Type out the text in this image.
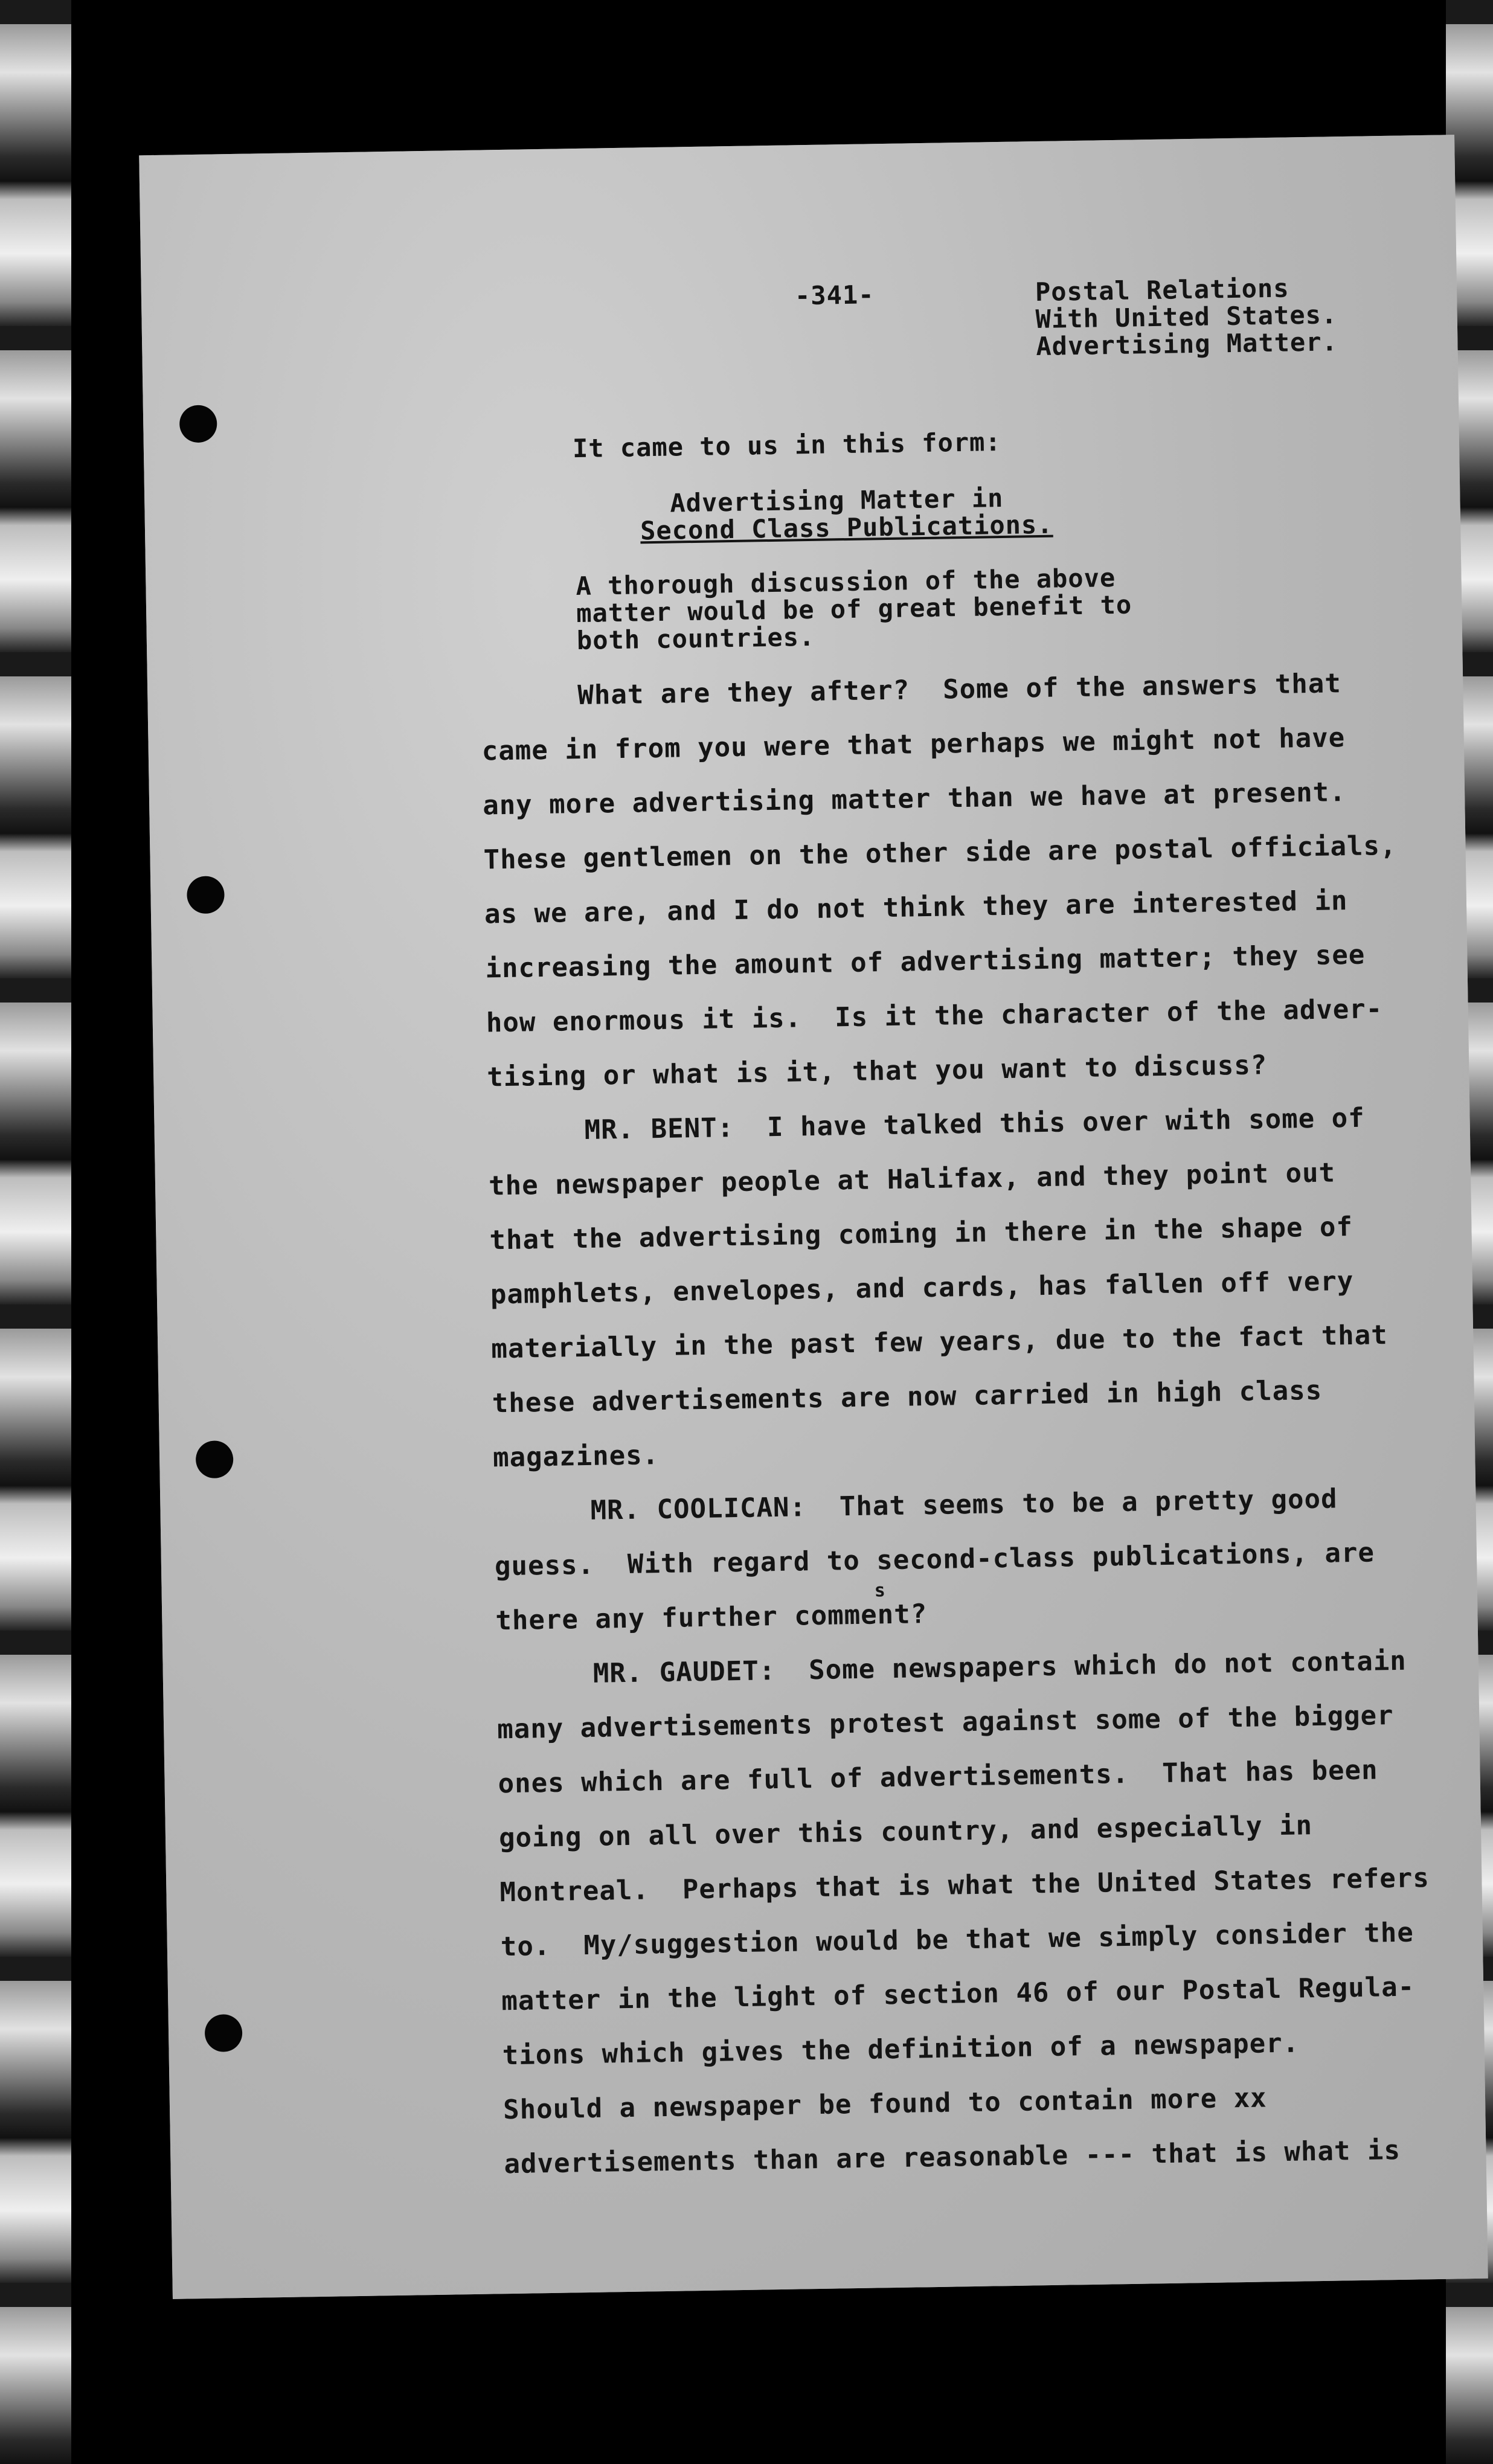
-341-	Postal Relations
With United States.
Advertising Matter.
It came to us in this form:
Advertising Matter in
Second Class Publications.
A thorough discussion of the above
matter would be of great benefit to
both countries.
What are they after?  Some of the answers that
came in from you were that perhaps we might not have
any more advertising matter than we have at present.
These gentlemen on the other side are postal officials,
as we are, and I do not think they are interested in
increasing the amount of advertising matter; they see
how enormous it is.  Is it the character of the adver-
tising or what is it, that you want to discuss?
MR. BENT:  I have talked this over with some of
the newspaper people at Halifax, and they point out
that the advertising coming in there in the shape of
pamphlets, envelopes, and cards, has fallen off very
materially in the past few years, due to the fact that
these advertisements are now carried in high class
magazines.
MR. COOLICAN:  That seems to be a pretty good
guess.  With regard to second-class publications, are
s
there any further comment?
MR. GAUDET:  Some newspapers which do not contain
many advertisements protest against some of the bigger
ones which are full of advertisements.  That has been
going on all over this country, and especially in
Montreal.  Perhaps that is what the United States refers
to.  My/suggestion would be that we simply consider the
matter in the light of section 46 of our Postal Regula-
tions which gives the definition of a newspaper.
Should a newspaper be found to contain more xx
advertisements than are reasonable --- that is what is
